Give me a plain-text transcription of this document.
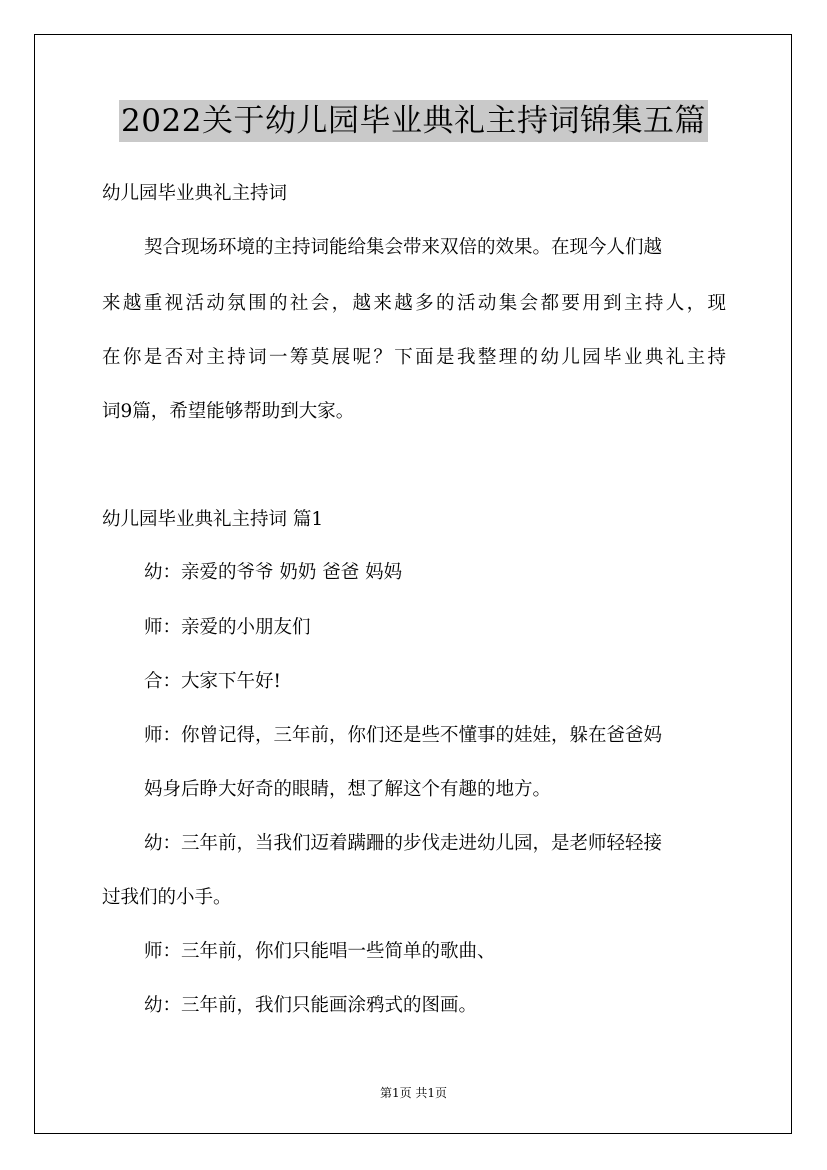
2022关于幼儿园毕业典礼主持词锦集五篇
幼儿园毕业典礼主持词
契合现场环境的主持词能给集会带来双倍的效果。在现今人们越
来越重视活动氛围的社会，越来越多的活动集会都要用到主持人，现
在你是否对主持词一筹莫展呢？下面是我整理的幼儿园毕业典礼主持
词9篇，希望能够帮助到大家。
幼儿园毕业典礼主持词 篇1
幼：亲爱的爷爷 奶奶 爸爸 妈妈
师：亲爱的小朋友们
合：大家下午好!
师：你曾记得，三年前，你们还是些不懂事的娃娃，躲在爸爸妈
妈身后睁大好奇的眼睛，想了解这个有趣的地方。
幼：三年前，当我们迈着蹒跚的步伐走进幼儿园，是老师轻轻接
过我们的小手。
师：三年前，你们只能唱一些简单的歌曲、
幼：三年前，我们只能画涂鸦式的图画。
第1页 共1页
